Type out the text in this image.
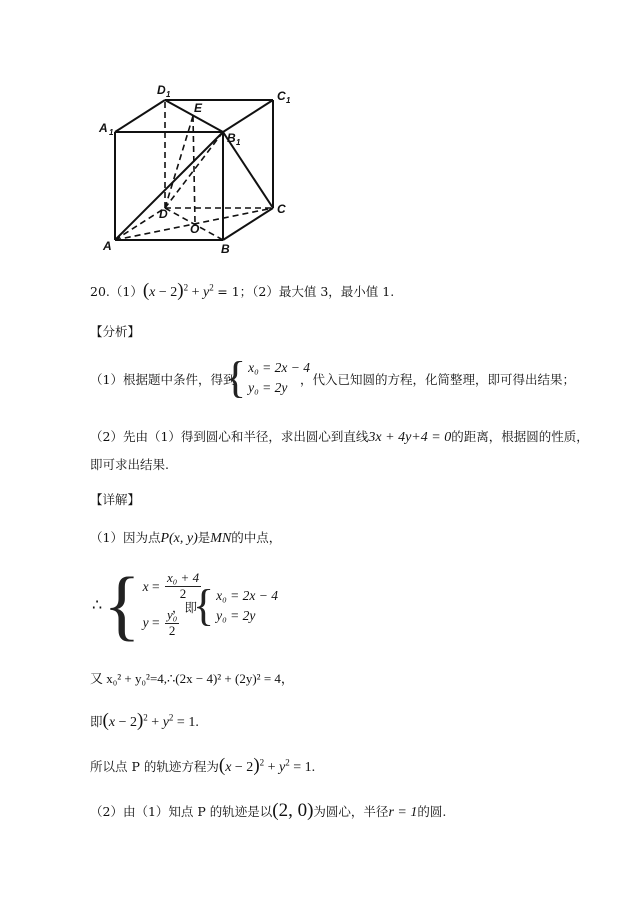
A	B
C
D
O
E
A 1	B 1
C 1
D 1
$20.(1)(x - 2)^2 + y^2 = 1$；（2）最大值 3，最小值 1.
【分析】
（1）根据题中条件，得到
{ x₀ = 2x − 4
y₀ = 2y
，代入已知圆的方程，化简整理，即可得出结果；
（2）先由（1）得到圆心和半径，求出圆心到直线3x + 4y+4 = 0的距离，根据圆的性质，
即可求出结果.
【详解】
（1）因为点P(x, y)是MN的中点，
∴ { $x = \frac{\text{x₀ + 4}}{2}$
$y = \frac{\text{y₀}}{2}$
，即
{ x₀ = 2x − 4
y₀ = 2y
又 x₀² + y₀²=4,∴(2x − 4)² + (2y)² = 4，
即$(x - 2)^2 + y^2 = 1$.
所以点 P 的轨迹方程为$(x - 2)^2 + y^2 = 1$.
（2）由（1）知点 P 的轨迹是以(2, 0)为圆心，半径r = 1的圆.
